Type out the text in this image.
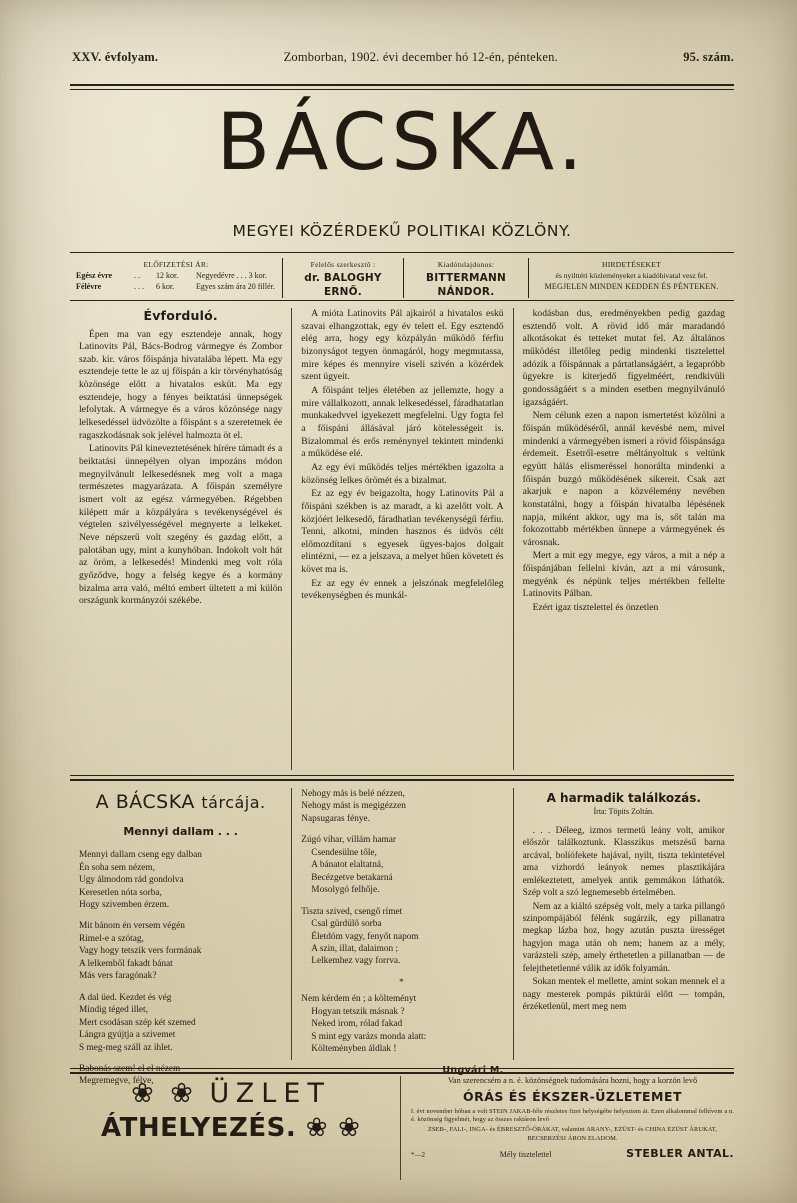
XXV. évfolyam.	Zomborban, 1902. évi december hó 12-én, pénteken.	95. szám.
BÁCSKA.
MEGYEI KÖZÉRDEKŰ POLITIKAI KÖZLÖNY.
ELŐFIZETÉSI ÁR:
Egész évre	. .	12 kor.	Negyedévre . . . 3 kor.
Félévre	. . .	6 kor.	Egyes szám ára 20 fillér.
Felelős szerkesztő :
dr. BALOGHY ERNŐ.
Kiadótulajdonos:
BITTERMANN NÁNDOR.
HIRDETÉSEKET
és nyilttéri közleményeket a kiadóhivatal vesz fel.
MEGJELEN MINDEN KEDDEN ÉS PÉNTEKEN.
Évforduló.

Épen ma van egy esztendeje annak, hogy Latinovits Pál, Bács-Bodrog vármegye és Zombor szab. kir. város főispánja hivatalába lépett. Ma egy esztendeje tette le az uj főispán a kir törvényhatóság közönsége előtt a hivatalos esküt. Ma egy esztendeje, hogy a fényes beiktatási ünnepségek lefolytak. A vármegye és a város közönsége nagy lelkesedéssel üdvözölte a főispánt s a szeretetnek ée ragaszkodásnak sok jelével halmozta öt el.

Latinovits Pál kineveztetésének hírére támadt és a beiktatási ünnepélyen olyan impozáns módon megnyilvánult lelkesedésnek meg volt a maga természetes magyarázata. A főispán személyre ismert volt az egész vármegyében. Régebben kilépett már a közpályára s tevékenységével és végtelen szivélyességével megnyerte a lelkeket. Neve népszerű volt szegény és gazdag előtt, a palotában ugy, mint a kunyhóban. Indokolt volt hát az öröm, a lelkesedés! Mindenki meg volt róla győződve, hogy a felség kegye és a kormány bizalma arra való, méltó embert ültetett a mi külön országunk kormányzói székébe.

A mióta Latinovits Pál ajkairól a hivatalos eskü szavai elhangzottak, egy év telett el. Egy esztendő elég arra, hogy egy közpályán működő férfiu bizonyságot tegyen önmagáról, hogy megmutassa, mire képes és mennyire viseli szivén a közérdek szent ügyeit.

A főispánt teljes életében az jellemzte, hogy a mire vállalkozott, annak lelkesedéssel, fáradhatatlan munkakedvvel igyekezett megfelelni. Ugy fogta fel a főispáni állásával járó kötelességeit is. Bizalommal és erős reménynyel tekintett mindenki a működése elé.

Az egy évi működés teljes mértékben igazolta a közönség lelkes örömét és a bizalmat.

Ez az egy év beigazolta, hogy Latinovits Pál a főispáni székben is az maradt, a ki azelőtt volt. A közjóért lelkesedő, fáradhatlan tevékenységű férfiu. Tenni, alkotni, minden hasznos és üdvös célt előmozdítani s egyesek ügyes-bajos dolgait elintézni, — ez a jelszava, a melyet hűen követett és követ ma is.

Ez az egy év ennek a jelszónak megfelelőleg tevékenységben és munkál-

kodásban dus, eredményekben pedig gazdag esztendő volt. A rövid idő már maradandó alkotásokat és tetteket mutat fel. Az általános működést illetőleg pedig mindenki tisztelettel adózik a főispánnak a pártatlanságáért, a legapróbb ügyekre is kiterjedő figyelméért, rendkivüli gondosságáért s a minden esetben megnyilvánuló igazságáért.

Nem célunk ezen a napon ismertetést közölni a főispán működéséről, annál kevésbé nem, mivel mindenki a vármegyében ismeri a rövid főispánsága érdemeit. Esetről-esetre méltányoltuk s veltünk együtt hálás elismeréssel honorálta mindenki a főispán buzgó működésének sikereit. Csak azt akarjuk e napon a közvélemény nevében konstatálni, hogy a főispán hivatalba lépésének napja, miként akkor, ugy ma is, sőt talán ma fokozottabb mértékben ünnepe a vármegyének és városnak.

Mert a mit egy megye, egy város, a mit a nép a főispánjában fellelni kíván, azt a mi városunk, megyénk és népünk teljes mértékben fellelte Latinovits Pálban.

Ezért igaz tisztelettel és önzetlen

A BÁCSKA tárcája.
Mennyi dallam . . .
Mennyi dallam cseng egy dalban
Én soha sem nézem,
Ugy álmodom rád gondolva
Keresetlen nóta sorba,
Hogy szivemben érzem.
Mit bánom én versem végén
Rimel-e a szótag,
Vagy hogy tetszik vers formának
A lelkemből fakadt bánat
Más vers faragónak?
A dal üed. Kezdet és vég
Mindig téged illet,
Mert csodásan szép két szemed
Lángra gyújtja a szivemet
S meg-meg száll az ihlet.
Babonás szem! el el nézem
Megremegve, félve,
Nehogy más is belé nézzen,
Nehogy mást is megigézzen
Napsugaras fénye.
Zúgó vihar, villám hamar
Csendesülne tőle,
A bánatot elaltatná,
Becézgetve betakarná
Mosolygó felhője.
Tiszta szived, csengő rímet
Csal gürdülő sorba
Életdóm vagy, fenyőt napom
A szin, illat, dalaimon ;
Lelkemhez vagy forrva.
*
Nem kérdem én ; a költeményt
Hogyan tetszik másnak ?
Neked irom, rólad fakad
S mint egy varázs monda alatt:
Költeményben áldlak !
Ungvári M.
A harmadik találkozás.
Írta: Töpits Zoltán.

. . . Déleeg, izmos termetű leány volt, amikor először találkoztunk. Klasszikus metszésű barna arcával, bolíófekete hajával, nyilt, tiszta tekintetével ama vízhordó leányok nemes plasztikájára emlékeztetett, amelyek antik gemmákon láthatók. Szép volt a szó legnemesebb értelmében.

Nem az a kiáltó szépség volt, mely a tarka pillangó szinpompájából félénk sugárzik, egy pillanatra megkap lázba hoz, hogy azután puszta ürességet hagyjon maga után oh nem; hanem az a mély, varázsteli szép, amely érthetetlen a pillanatban — de felejthetetlenné válik az idők folyamán.

Sokan mentek el mellette, amint sokan mennek el a nagy mesterek pompás piktúrái előtt — tompán, érzéketlenül, mert meg nem

❀ ❀ ÜZLET
ÁTHELYEZÉS. ❀ ❀

Van szerencsém a n. é. közönségnek tudomására hozni, hogy a korzón levő

ÓRÁS ÉS ÉKSZER-ÜZLETEMET

f. évi november hóban a volt STEIN JAKAB-féle részletes fizet helységébe helyeztem át. Ezen alkalommal felhívom a n. é. közönség figyelmét, hogy az összes raktáron levő

ZSEB-, FALI-, INGA- és ÉBRESZTŐ-ÓRÁKAT, valamint ARANY-, EZÜST- és CHINA EZÜST ÁRUKAT, BECSERZÉSI ÁRON ELADOM.

*—2	Mély tisztelettel	STEBLER ANTAL.
